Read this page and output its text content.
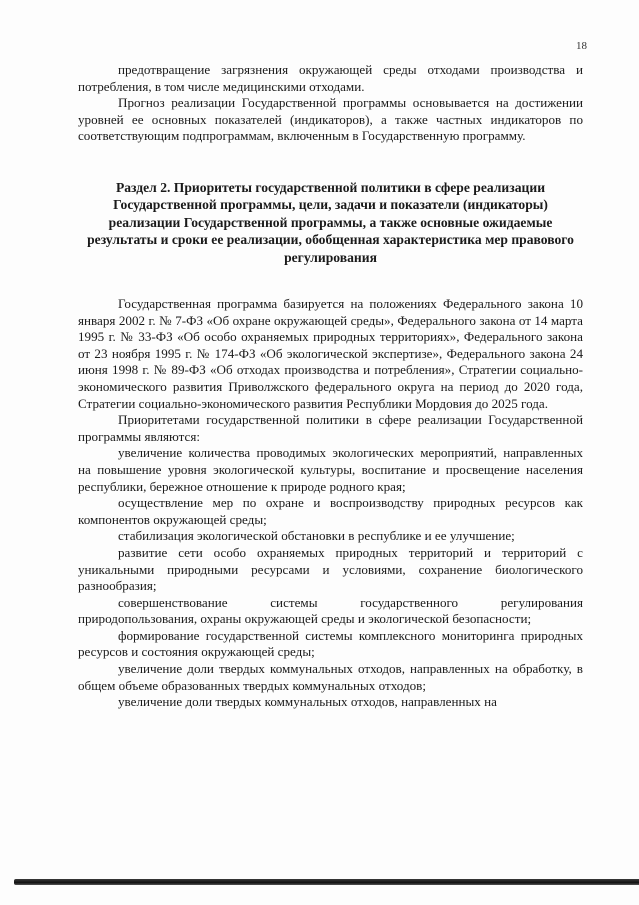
18

предотвращение загрязнения окружающей среды отходами производства и потребления, в том числе медицинскими отходами.

Прогноз реализации Государственной программы основывается на достижении уровней ее основных показателей (индикаторов), а также частных индикаторов по соответствующим подпрограммам, включенным в Государственную программу.

Раздел 2. Приоритеты государственной политики в сфере реализации Государственной программы, цели, задачи и показатели (индикаторы) реализации Государственной программы, а также основные ожидаемые результаты и сроки ее реализации, обобщенная характеристика мер правового регулирования

Государственная программа базируется на положениях Федерального закона 10 января 2002 г. № 7-ФЗ «Об охране окружающей среды», Федерального закона от 14 марта 1995 г. № 33-ФЗ «Об особо охраняемых природных территориях», Федерального закона от 23 ноября 1995 г. № 174-ФЗ «Об экологической экспертизе», Федерального закона 24 июня 1998 г. № 89-ФЗ «Об отходах производства и потребления», Стратегии социально-экономического развития Приволжского федерального округа на период до 2020 года, Стратегии социально-экономического развития Республики Мордовия до 2025 года.

Приоритетами государственной политики в сфере реализации Государственной программы являются:

увеличение количества проводимых экологических мероприятий, направленных на повышение уровня экологической культуры, воспитание и просвещение населения республики, бережное отношение к природе родного края;

осуществление мер по охране и воспроизводству природных ресурсов как компонентов окружающей среды;

стабилизация экологической обстановки в республике и ее улучшение;

развитие сети особо охраняемых природных территорий и территорий с уникальными природными ресурсами и условиями, сохранение биологического разнообразия;

совершенствование системы государственного регулирования природопользования, охраны окружающей среды и экологической безопасности;

формирование государственной системы комплексного мониторинга природных ресурсов и состояния окружающей среды;

увеличение доли твердых коммунальных отходов, направленных на обработку, в общем объеме образованных твердых коммунальных отходов;

увеличение доли твердых коммунальных отходов, направленных на
